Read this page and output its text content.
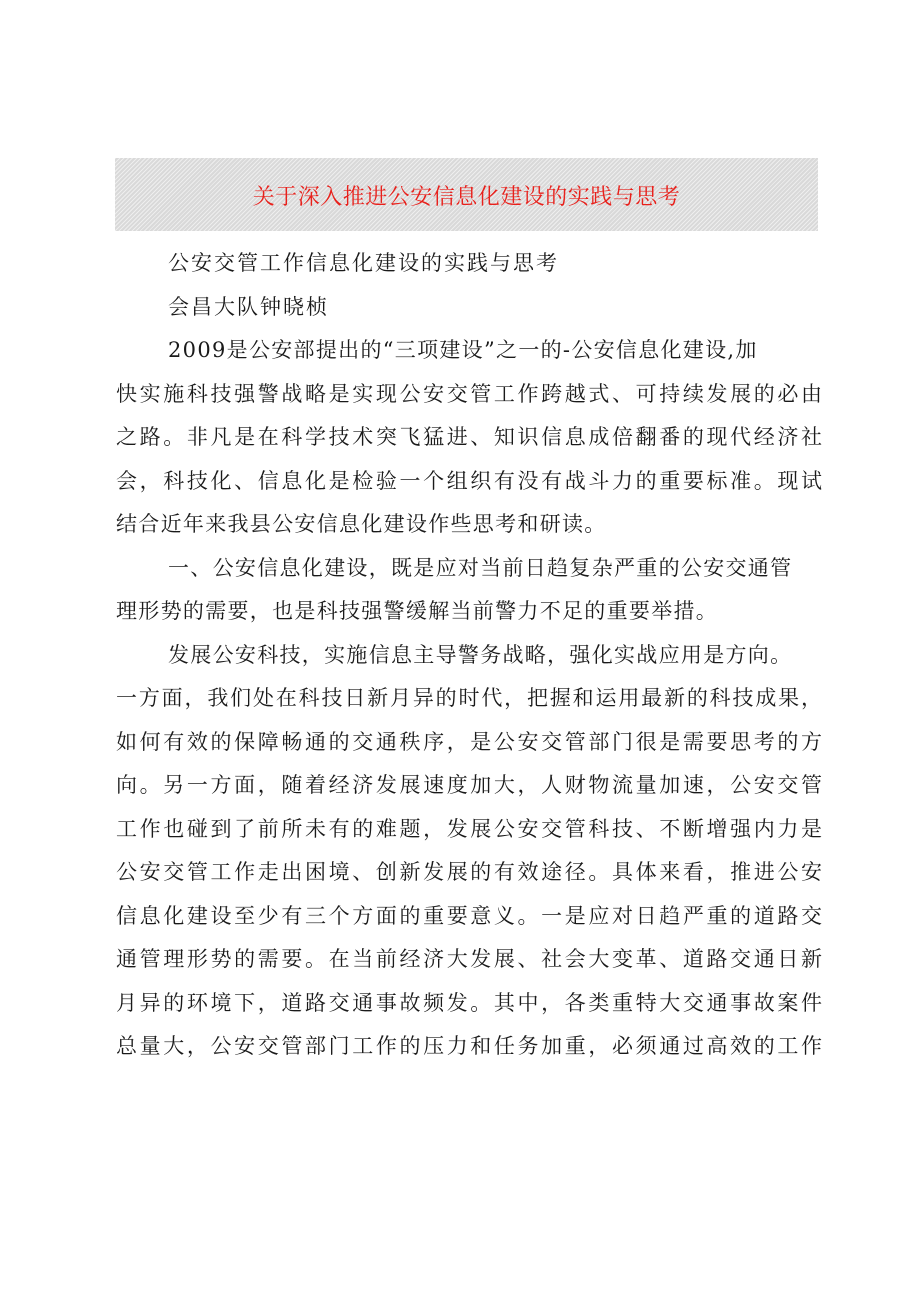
关于深入推进公安信息化建设的实践与思考
公安交管工作信息化建设的实践与思考
会昌大队钟晓桢
2009是公安部提出的“三项建设”之一的-公安信息化建设,加
快实施科技强警战略是实现公安交管工作跨越式、可持续发展的必由
之路。非凡是在科学技术突飞猛进、知识信息成倍翻番的现代经济社
会，科技化、信息化是检验一个组织有没有战斗力的重要标准。现试
结合近年来我县公安信息化建设作些思考和研读。
一、公安信息化建设，既是应对当前日趋复杂严重的公安交通管
理形势的需要，也是科技强警缓解当前警力不足的重要举措。
发展公安科技，实施信息主导警务战略，强化实战应用是方向。
一方面，我们处在科技日新月异的时代，把握和运用最新的科技成果，
如何有效的保障畅通的交通秩序，是公安交管部门很是需要思考的方
向。另一方面，随着经济发展速度加大，人财物流量加速，公安交管
工作也碰到了前所未有的难题，发展公安交管科技、不断增强内力是
公安交管工作走出困境、创新发展的有效途径。具体来看，推进公安
信息化建设至少有三个方面的重要意义。一是应对日趋严重的道路交
通管理形势的需要。在当前经济大发展、社会大变革、道路交通日新
月异的环境下，道路交通事故频发。其中，各类重特大交通事故案件
总量大，公安交管部门工作的压力和任务加重，必须通过高效的工作
